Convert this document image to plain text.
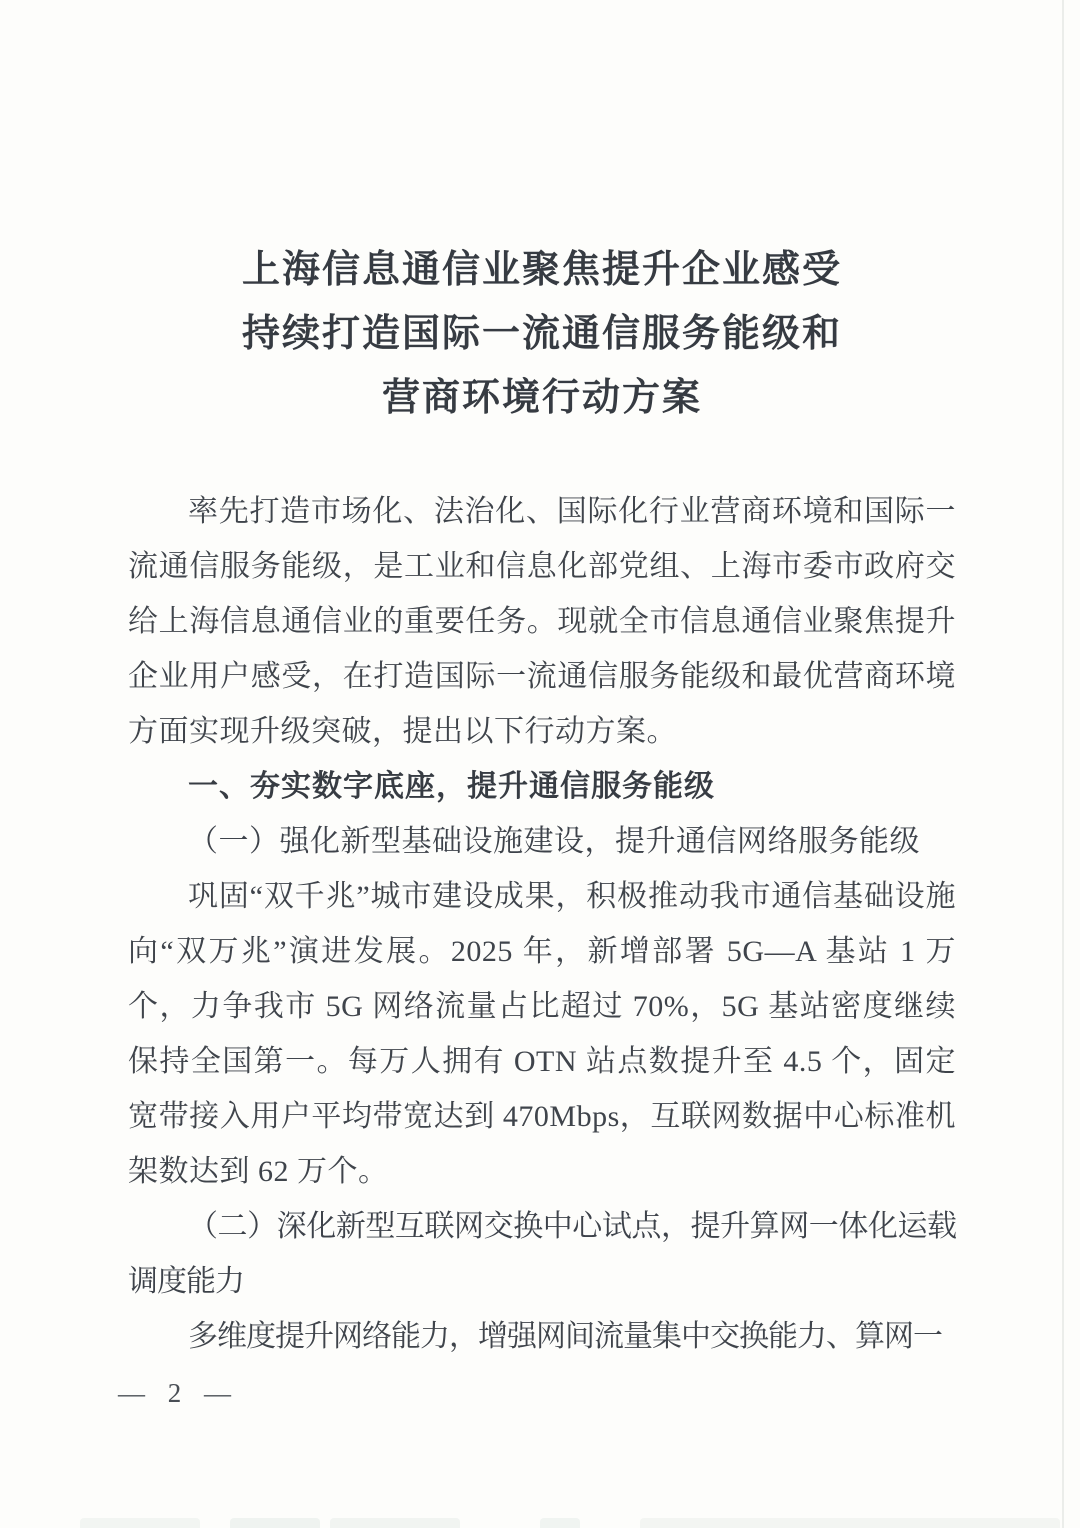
上海信息通信业聚焦提升企业感受
持续打造国际一流通信服务能级和
营商环境行动方案

率先打造市场化、法治化、国际化行业营商环境和国际一流通信服务能级，是工业和信息化部党组、上海市委市政府交给上海信息通信业的重要任务。现就全市信息通信业聚焦提升企业用户感受，在打造国际一流通信服务能级和最优营商环境方面实现升级突破，提出以下行动方案。

一、夯实数字底座，提升通信服务能级

（一）强化新型基础设施建设，提升通信网络服务能级

巩固“双千兆”城市建设成果，积极推动我市通信基础设施向“双万兆”演进发展。2025 年，新增部署 5G—A 基站 1 万个，力争我市 5G 网络流量占比超过 70%，5G 基站密度继续保持全国第一。每万人拥有 OTN 站点数提升至 4.5 个，固定宽带接入用户平均带宽达到 470Mbps，互联网数据中心标准机架数达到 62 万个。

（二）深化新型互联网交换中心试点，提升算网一体化运载调度能力

多维度提升网络能力，增强网间流量集中交换能力、算网一

— 2 —
